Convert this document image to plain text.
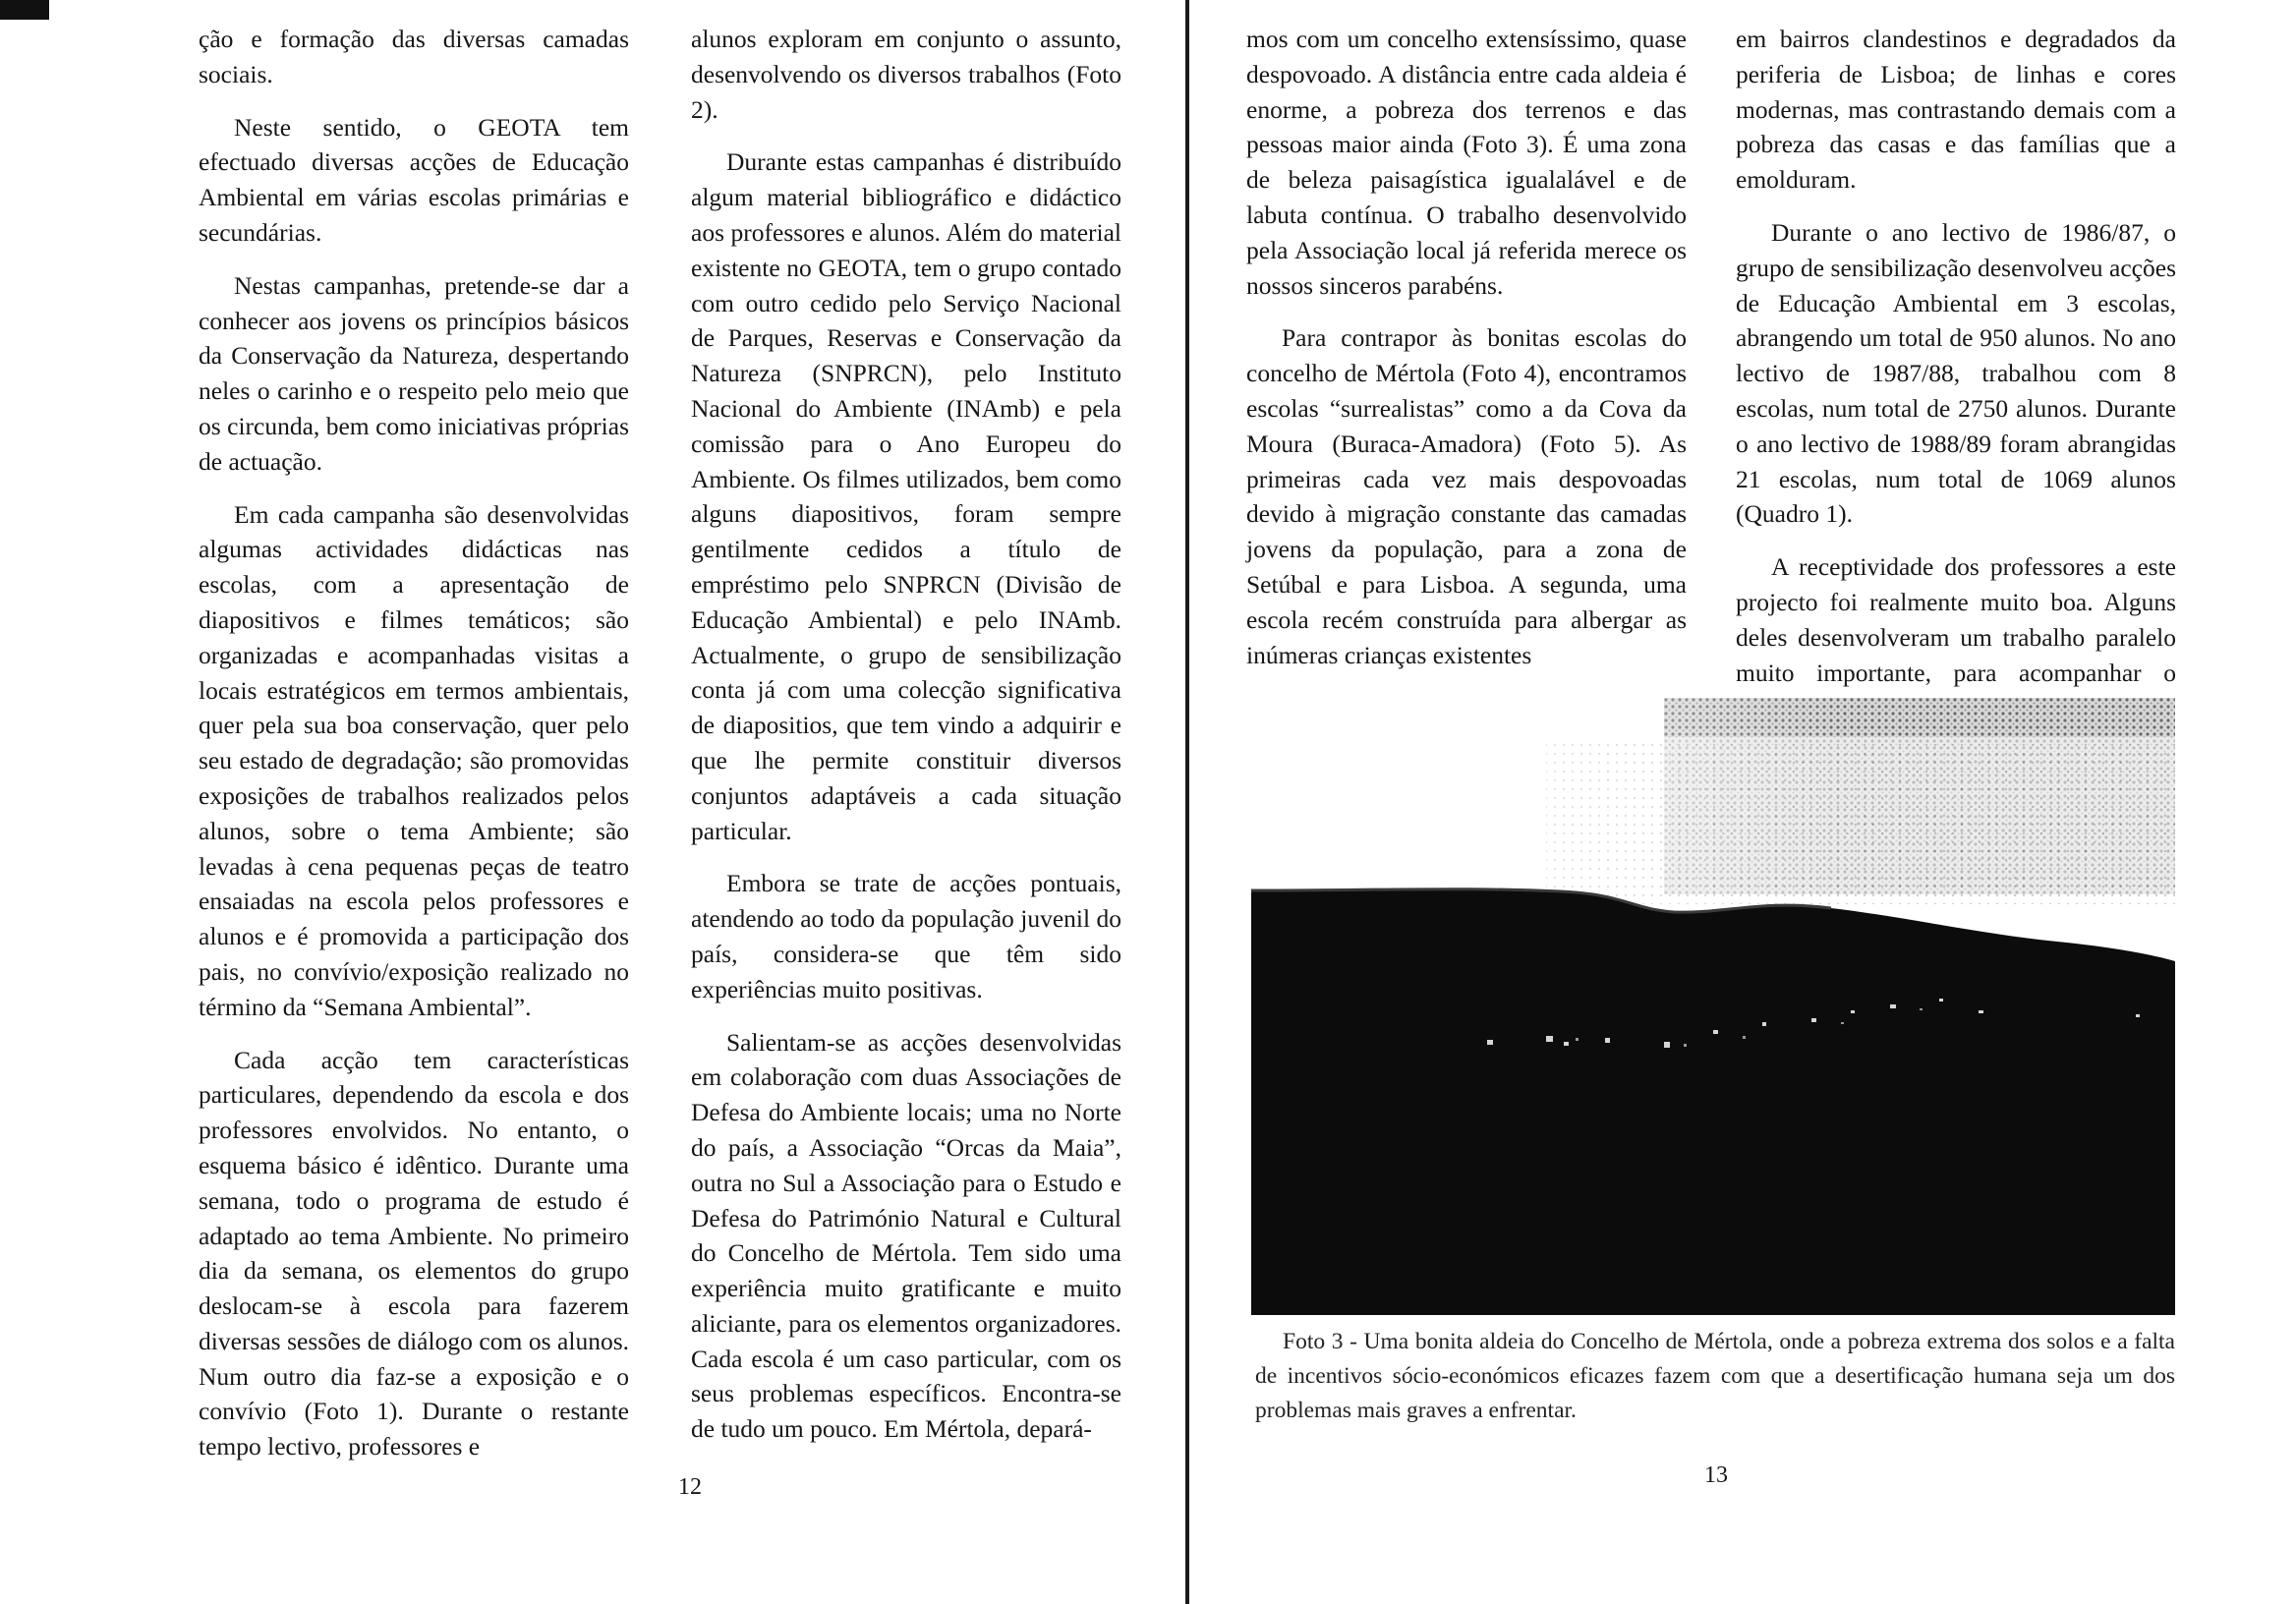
ção e formação das diversas camadas sociais.

Neste sentido, o GEOTA tem efectuado diversas acções de Educação Ambiental em várias escolas primárias e secundárias.

Nestas campanhas, pretende-se dar a conhecer aos jovens os princípios básicos da Conservação da Natureza, despertando neles o carinho e o respeito pelo meio que os circunda, bem como iniciativas próprias de actuação.

Em cada campanha são desenvolvidas algumas actividades didácticas nas escolas, com a apresentação de diapositivos e filmes temáticos; são organizadas e acompanhadas visitas a locais estratégicos em termos ambientais, quer pela sua boa conservação, quer pelo seu estado de degradação; são promovidas exposições de trabalhos realizados pelos alunos, sobre o tema Ambiente; são levadas à cena pequenas peças de teatro ensaiadas na escola pelos professores e alunos e é promovida a participação dos pais, no convívio/exposição realizado no término da “Semana Ambiental”.

Cada acção tem características particulares, dependendo da escola e dos professores envolvidos. No entanto, o esquema básico é idêntico. Durante uma semana, todo o programa de estudo é adaptado ao tema Ambiente. No primeiro dia da semana, os elementos do grupo deslocam-se à escola para fazerem diversas sessões de diálogo com os alunos. Num outro dia faz-se a exposição e o convívio (Foto 1). Durante o restante tempo lectivo, professores e

alunos exploram em conjunto o assunto, desenvolvendo os diversos trabalhos (Foto 2).

Durante estas campanhas é distribuído algum material bibliográfico e didáctico aos professores e alunos. Além do material existente no GEOTA, tem o grupo contado com outro cedido pelo Serviço Nacional de Parques, Reservas e Conservação da Natureza (SNPRCN), pelo Instituto Nacional do Ambiente (INAmb) e pela comissão para o Ano Europeu do Ambiente. Os filmes utilizados, bem como alguns diapositivos, foram sempre gentilmente cedidos a título de empréstimo pelo SNPRCN (Divisão de Educação Ambiental) e pelo INAmb. Actualmente, o grupo de sensibilização conta já com uma colecção significativa de diapositios, que tem vindo a adquirir e que lhe permite constituir diversos conjuntos adaptáveis a cada situação particular.

Embora se trate de acções pontuais, atendendo ao todo da população juvenil do país, considera-se que têm sido experiências muito positivas.

Salientam-se as acções desenvolvidas em colaboração com duas Associações de Defesa do Ambiente locais; uma no Norte do país, a Associação “Orcas da Maia”, outra no Sul a Associação para o Estudo e Defesa do Património Natural e Cultural do Concelho de Mértola. Tem sido uma experiência muito gratificante e muito aliciante, para os elementos organizadores. Cada escola é um caso particular, com os seus problemas específicos. Encontra-se de tudo um pouco. Em Mértola, depará-

12

mos com um concelho extensíssimo, quase despovoado. A distância entre cada aldeia é enorme, a pobreza dos terrenos e das pessoas maior ainda (Foto 3). É uma zona de beleza paisagística igualalável e de labuta contínua. O trabalho desenvolvido pela Associação local já referida merece os nossos sinceros parabéns.

Para contrapor às bonitas escolas do concelho de Mértola (Foto 4), encontramos escolas “surrealistas” como a da Cova da Moura (Buraca-Amadora) (Foto 5). As primeiras cada vez mais despovoadas devido à migração constante das camadas jovens da população, para a zona de Setúbal e para Lisboa. A segunda, uma escola recém construída para albergar as inúmeras crianças existentes

em bairros clandestinos e degradados da periferia de Lisboa; de linhas e cores modernas, mas contrastando demais com a pobreza das casas e das famílias que a emolduram.

Durante o ano lectivo de 1986/87, o grupo de sensibilização desenvolveu acções de Educação Ambiental em 3 escolas, abrangendo um total de 950 alunos. No ano lectivo de 1987/88, trabalhou com 8 escolas, num total de 2750 alunos. Durante o ano lectivo de 1988/89 foram abrangidas 21 escolas, num total de 1069 alunos (Quadro 1).

A receptividade dos professores a este projecto foi realmente muito boa. Alguns deles desenvolveram um trabalho paralelo muito importante, para acompanhar o

Foto 3 - Uma bonita aldeia do Concelho de Mértola, onde a pobreza extrema dos solos e a falta de incentivos sócio-económicos eficazes fazem com que a desertificação humana seja um dos problemas mais graves a enfrentar.
13
